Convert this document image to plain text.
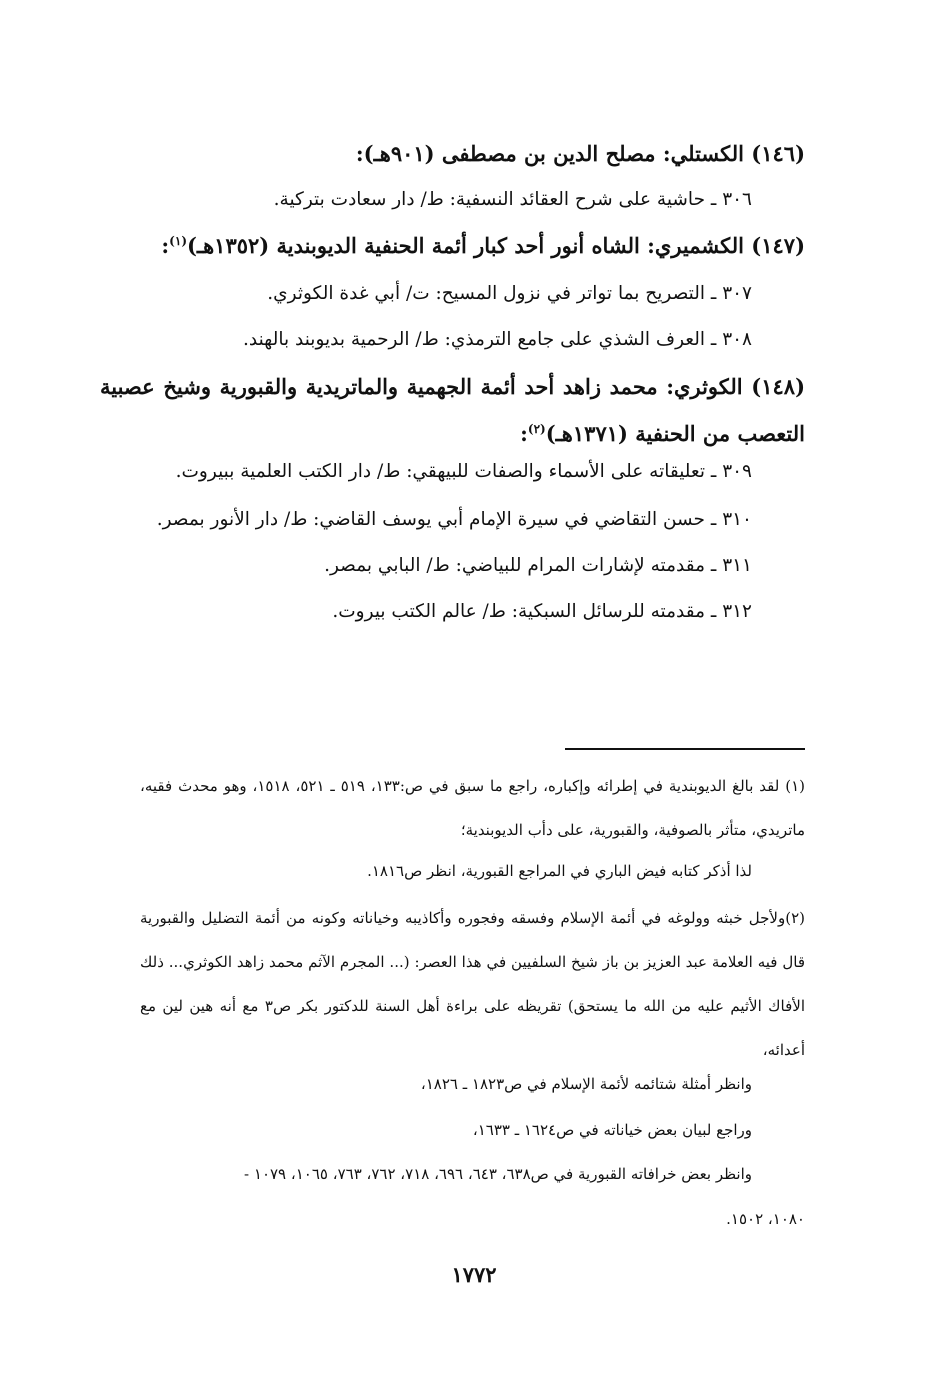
(١٤٦) الكستلي: مصلح الدين بن مصطفى (٩٠١هـ):
٣٠٦ ـ حاشية على شرح العقائد النسفية: ط/ دار سعادت بتركية.
(١٤٧) الكشميري: الشاه أنور أحد كبار أئمة الحنفية الديوبندية (١٣٥٢هـ)$^{(١)}$:
٣٠٧ ـ التصريح بما تواتر في نزول المسيح: ت/ أبي غدة الكوثري.
٣٠٨ ـ العرف الشذي على جامع الترمذي: ط/ الرحمية بديوبند بالهند.
(١٤٨) الكوثري: محمد زاهد أحد أئمة الجهمية والماتريدية والقبورية وشيخ عصبية التعصب من الحنفية (١٣٧١هـ)$^{(٢)}$:
٣٠٩ ـ تعليقاته على الأسماء والصفات للبيهقي: ط/ دار الكتب العلمية ببيروت.
٣١٠ ـ حسن التقاضي في سيرة الإمام أبي يوسف القاضي: ط/ دار الأنور بمصر.
٣١١ ـ مقدمته لإشارات المرام للبياضي: ط/ البابي بمصر.
٣١٢ ـ مقدمته للرسائل السبكية: ط/ عالم الكتب بيروت.
(١) لقد بالغ الديوبندية في إطرائه وإكباره، راجع ما سبق في ص:١٣٣، ٥١٩ ـ ٥٢١، ١٥١٨، وهو محدث فقيه، ماتريدي، متأثر بالصوفية، والقبورية، على دأب الديوبندية؛
لذا أذكر كتابه فيض الباري في المراجع القبورية، انظر ص١٨١٦.
(٢)ولأجل خبثه وولوغه في أئمة الإسلام وفسقه وفجوره وأكاذيبه وخياناته وكونه من أئمة التضليل والقبورية قال فيه العلامة عبد العزيز بن باز شيخ السلفيين في هذا العصر: (... المجرم الآثم محمد زاهد الكوثري... ذلك الأفاك الأثيم عليه من الله ما يستحق) تقريظه على براءة أهل السنة للدكتور بكر ص٣ مع أنه هين لين مع أعدائه،
وانظر أمثلة شتائمه لأئمة الإسلام في ص١٨٢٣ ـ ١٨٢٦،
وراجع لبيان بعض خياناته في ص١٦٢٤ ـ ١٦٣٣،
وانظر بعض خرافاته القبورية في ص٦٣٨، ٦٤٣، ٦٩٦، ٧١٨، ٧٦٢، ٧٦٣، ١٠٦٥، ١٠٧٩ -
١٠٨٠، ١٥٠٢.
١٧٧٢
